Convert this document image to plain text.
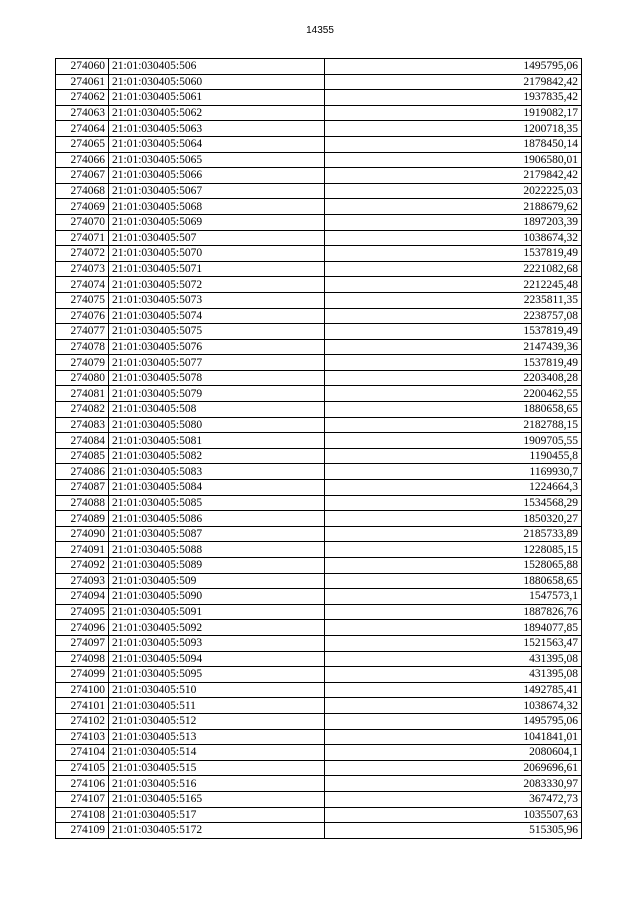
14355
274060	21:01:030405:506	1495795,06
274061	21:01:030405:5060	2179842,42
274062	21:01:030405:5061	1937835,42
274063	21:01:030405:5062	1919082,17
274064	21:01:030405:5063	1200718,35
274065	21:01:030405:5064	1878450,14
274066	21:01:030405:5065	1906580,01
274067	21:01:030405:5066	2179842,42
274068	21:01:030405:5067	2022225,03
274069	21:01:030405:5068	2188679,62
274070	21:01:030405:5069	1897203,39
274071	21:01:030405:507	1038674,32
274072	21:01:030405:5070	1537819,49
274073	21:01:030405:5071	2221082,68
274074	21:01:030405:5072	2212245,48
274075	21:01:030405:5073	2235811,35
274076	21:01:030405:5074	2238757,08
274077	21:01:030405:5075	1537819,49
274078	21:01:030405:5076	2147439,36
274079	21:01:030405:5077	1537819,49
274080	21:01:030405:5078	2203408,28
274081	21:01:030405:5079	2200462,55
274082	21:01:030405:508	1880658,65
274083	21:01:030405:5080	2182788,15
274084	21:01:030405:5081	1909705,55
274085	21:01:030405:5082	1190455,8
274086	21:01:030405:5083	1169930,7
274087	21:01:030405:5084	1224664,3
274088	21:01:030405:5085	1534568,29
274089	21:01:030405:5086	1850320,27
274090	21:01:030405:5087	2185733,89
274091	21:01:030405:5088	1228085,15
274092	21:01:030405:5089	1528065,88
274093	21:01:030405:509	1880658,65
274094	21:01:030405:5090	1547573,1
274095	21:01:030405:5091	1887826,76
274096	21:01:030405:5092	1894077,85
274097	21:01:030405:5093	1521563,47
274098	21:01:030405:5094	431395,08
274099	21:01:030405:5095	431395,08
274100	21:01:030405:510	1492785,41
274101	21:01:030405:511	1038674,32
274102	21:01:030405:512	1495795,06
274103	21:01:030405:513	1041841,01
274104	21:01:030405:514	2080604,1
274105	21:01:030405:515	2069696,61
274106	21:01:030405:516	2083330,97
274107	21:01:030405:5165	367472,73
274108	21:01:030405:517	1035507,63
274109	21:01:030405:5172	515305,96
